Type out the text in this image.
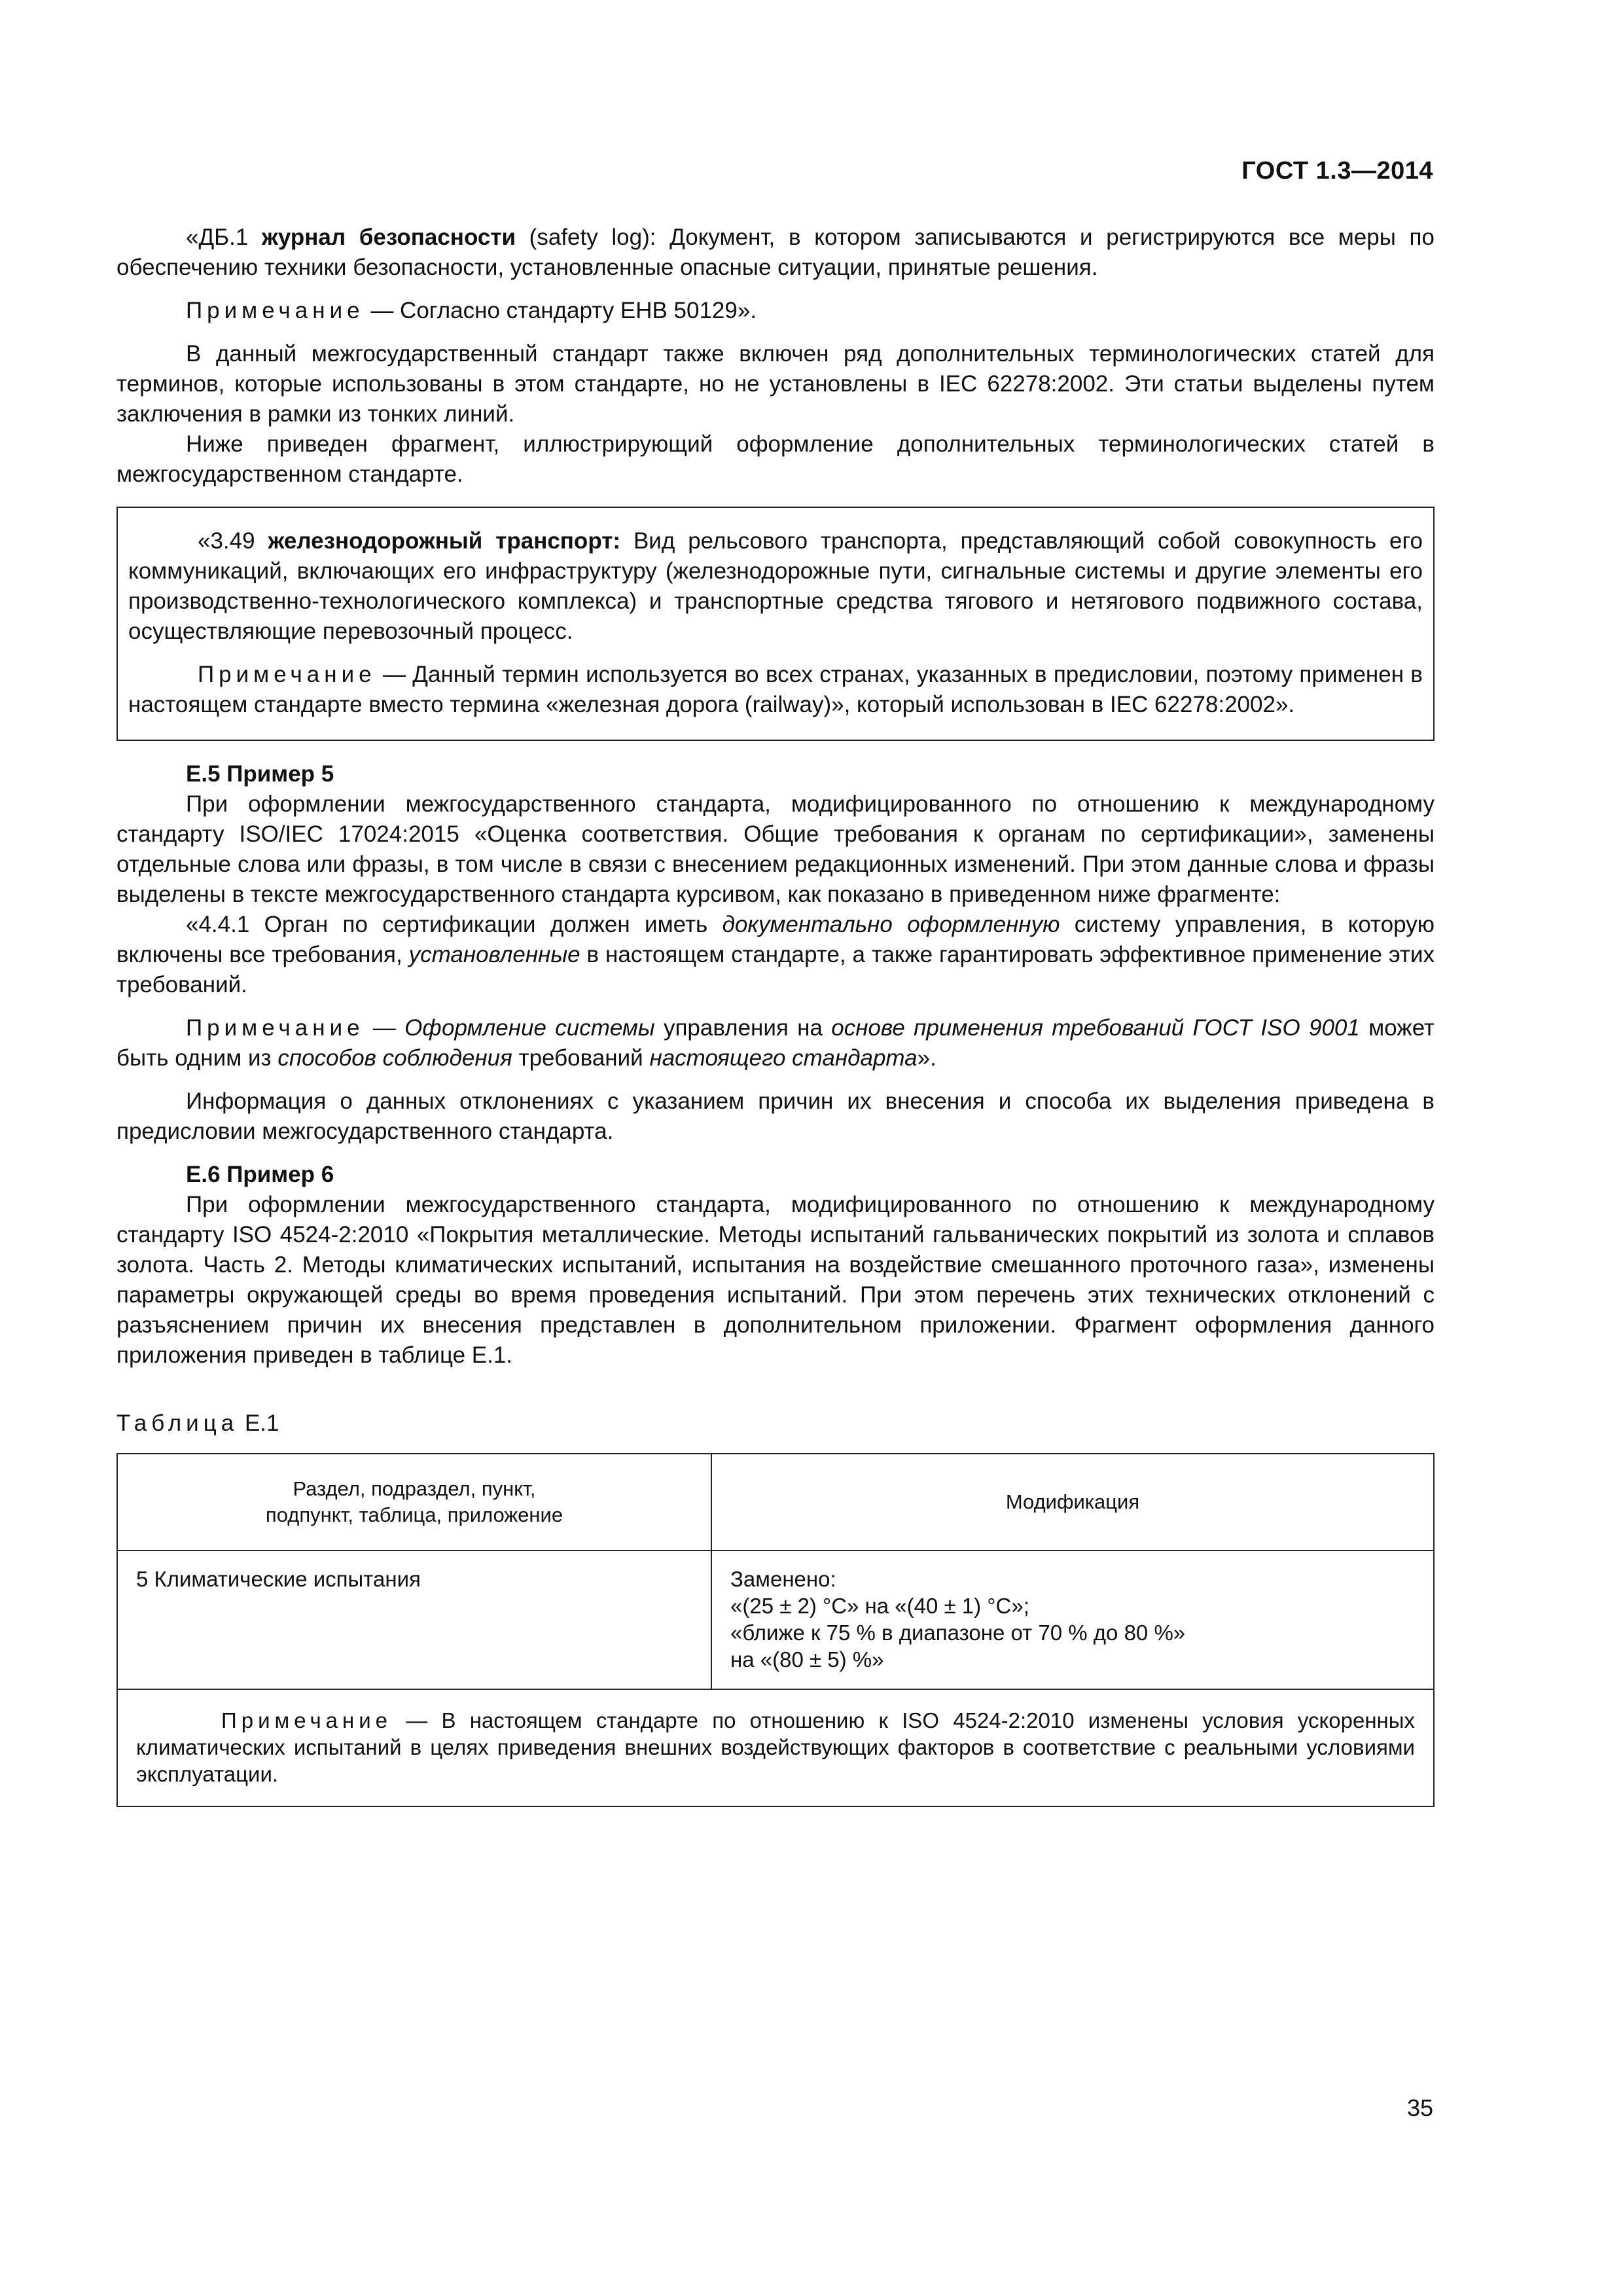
ГОСТ 1.3—2014

«ДБ.1 журнал безопасности (safety log): Документ, в котором записываются и регистрируются все меры по обеспечению техники безопасности, установленные опасные ситуации, принятые решения.

Примечание — Согласно стандарту ЕНВ 50129».

В данный межгосударственный стандарт также включен ряд дополнительных терминологических статей для терминов, которые использованы в этом стандарте, но не установлены в IEC 62278:2002. Эти статьи выделены путем заключения в рамки из тонких линий.

Ниже приведен фрагмент, иллюстрирующий оформление дополнительных терминологических статей в межгосударственном стандарте.

«3.49 железнодорожный транспорт: Вид рельсового транспорта, представляющий собой совокупность его коммуникаций, включающих его инфраструктуру (железнодорожные пути, сигнальные системы и другие элементы его производственно-технологического комплекса) и транспортные средства тягового и нетягового подвижного состава, осуществляющие перевозочный процесс.

Примечание — Данный термин используется во всех странах, указанных в предисловии, поэтому применен в настоящем стандарте вместо термина «железная дорога (railway)», который использован в IEC 62278:2002».

Е.5 Пример 5

При оформлении межгосударственного стандарта, модифицированного по отношению к международному стандарту ISO/IEC 17024:2015 «Оценка соответствия. Общие требования к органам по сертификации», заменены отдельные слова или фразы, в том числе в связи с внесением редакционных изменений. При этом данные слова и фразы выделены в тексте межгосударственного стандарта курсивом, как показано в приведенном ниже фрагменте:

«4.4.1 Орган по сертификации должен иметь документально оформленную систему управления, в которую включены все требования, установленные в настоящем стандарте, а также гарантировать эффективное применение этих требований.

Примечание — Оформление системы управления на основе применения требований ГОСТ ISO 9001 может быть одним из способов соблюдения требований настоящего стандарта».

Информация о данных отклонениях с указанием причин их внесения и способа их выделения приведена в предисловии межгосударственного стандарта.

Е.6 Пример 6

При оформлении межгосударственного стандарта, модифицированного по отношению к международному стандарту ISO 4524-2:2010 «Покрытия металлические. Методы испытаний гальванических покрытий из золота и сплавов золота. Часть 2. Методы климатических испытаний, испытания на воздействие смешанного проточного газа», изменены параметры окружающей среды во время проведения испытаний. При этом перечень этих технических отклонений с разъяснением причин их внесения представлен в дополнительном приложении. Фрагмент оформления данного приложения приведен в таблице Е.1.

Таблица Е.1

Раздел, подраздел, пункт,
подпункт, таблица, приложение	Модификация
5 Климатические испытания	Заменено:
«(25 ± 2) °С» на «(40 ± 1) °С»;
«ближе к 75 % в диапазоне от 70 % до 80 %»
на «(80 ± 5) %»
Примечание — В настоящем стандарте по отношению к ISO 4524-2:2010 изменены условия ускоренных климатических испытаний в целях приведения внешних воздействующих факторов в соответствие с реальными условиями эксплуатации.	
35
